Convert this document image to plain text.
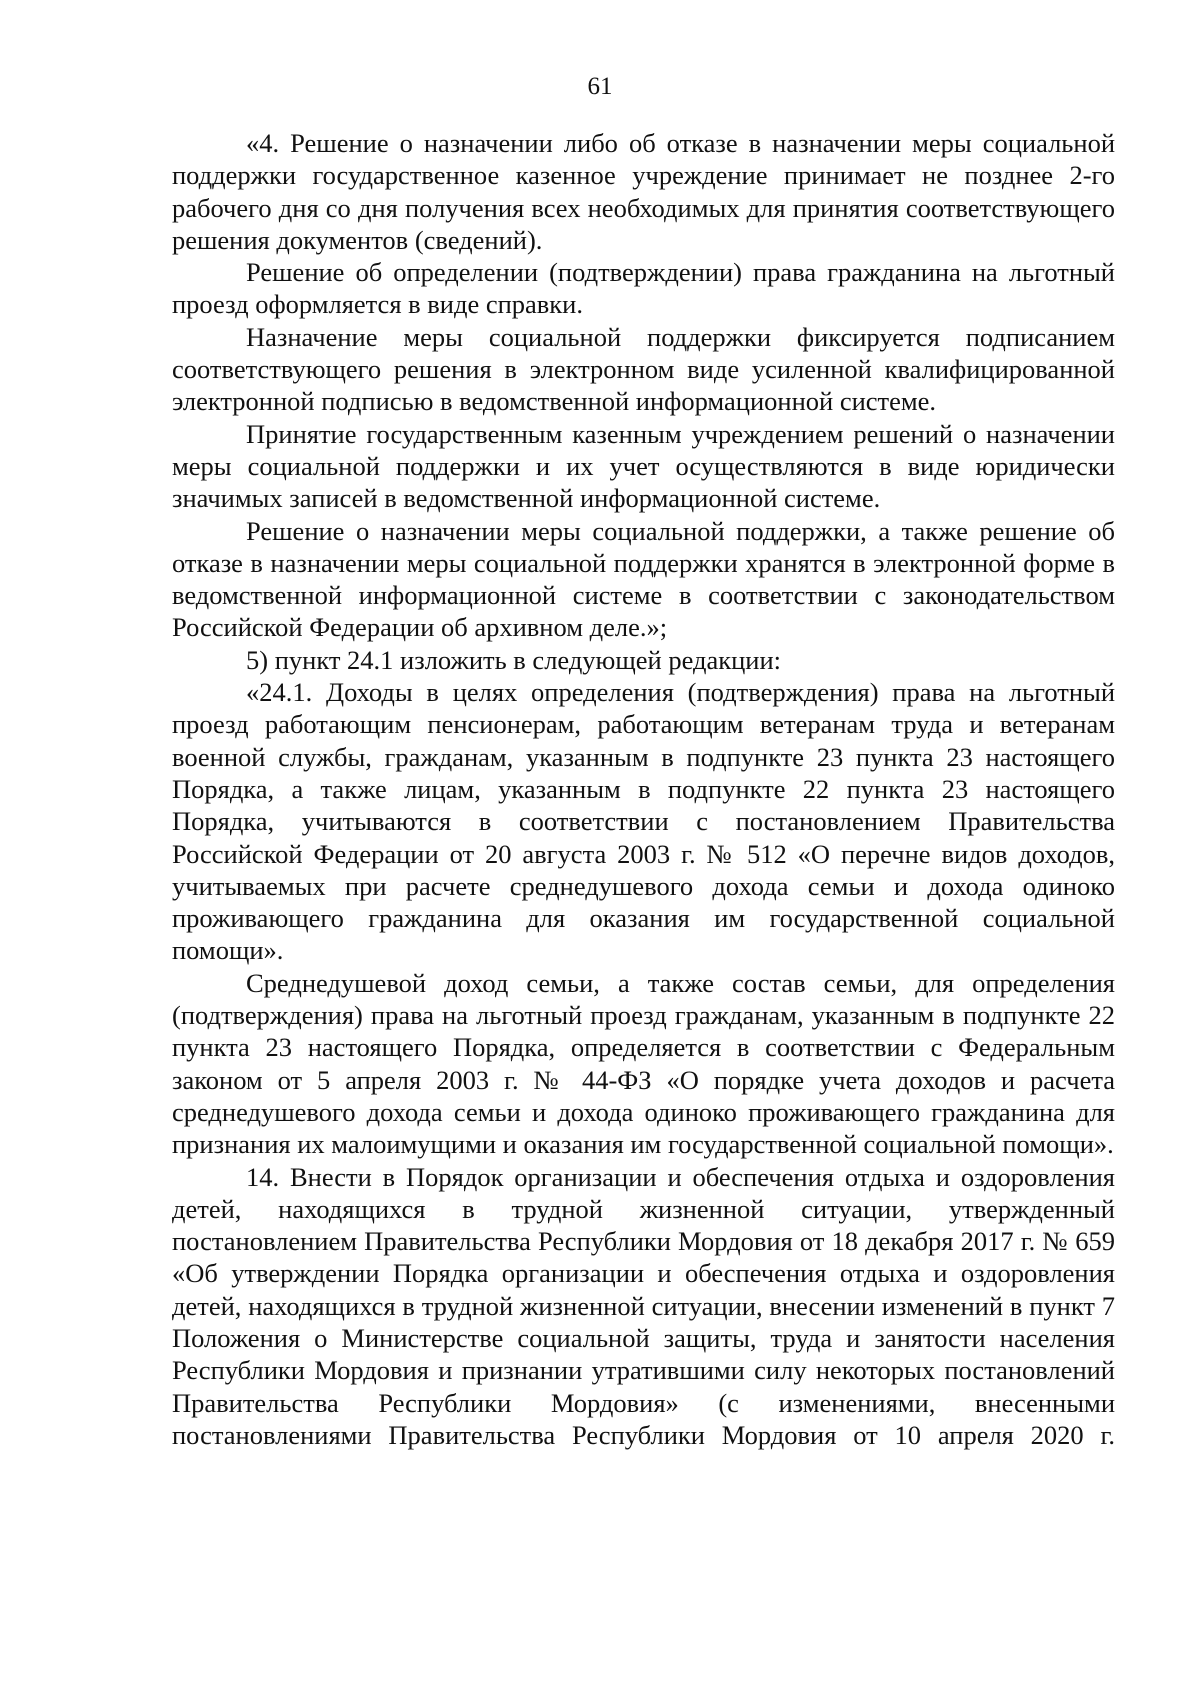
61

«4. Решение о назначении либо об отказе в назначении меры социальной поддержки государственное казенное учреждение принимает не позднее 2-го рабочего дня со дня получения всех необходимых для принятия соответствующего решения документов (сведений).

Решение об определении (подтверждении) права гражданина на льготный проезд оформляется в виде справки.

Назначение меры социальной поддержки фиксируется подписанием соответствующего решения в электронном виде усиленной квалифицированной электронной подписью в ведомственной информационной системе.

Принятие государственным казенным учреждением решений о назначении меры социальной поддержки и их учет осуществляются в виде юридически значимых записей в ведомственной информационной системе.

Решение о назначении меры социальной поддержки, а также решение об отказе в назначении меры социальной поддержки хранятся в электронной форме в ведомственной информационной системе в соответствии с законодательством Российской Федерации об архивном деле.»;

5) пункт 24.1 изложить в следующей редакции:

«24.1. Доходы в целях определения (подтверждения) права на льготный проезд работающим пенсионерам, работающим ветеранам труда и ветеранам военной службы, гражданам, указанным в подпункте 23 пункта 23 настоящего Порядка, а также лицам, указанным в подпункте 22 пункта 23 настоящего Порядка, учитываются в соответствии с постановлением Правительства Российской Федерации от 20 августа 2003 г. № 512 «О перечне видов доходов, учитываемых при расчете среднедушевого дохода семьи и дохода одиноко проживающего гражданина для оказания им государственной социальной помощи».

Среднедушевой доход семьи, а также состав семьи, для определения (подтверждения) права на льготный проезд гражданам, указанным в подпункте 22 пункта 23 настоящего Порядка, определяется в соответствии с Федеральным законом от 5 апреля 2003 г. № 44-ФЗ «О порядке учета доходов и расчета среднедушевого дохода семьи и дохода одиноко проживающего гражданина для признания их малоимущими и оказания им государственной социальной помощи».

14. Внести в Порядок организации и обеспечения отдыха и оздоровления детей, находящихся в трудной жизненной ситуации, утвержденный постановлением Правительства Республики Мордовия от 18 декабря 2017 г. № 659 «Об утверждении Порядка организации и обеспечения отдыха и оздоровления детей, находящихся в трудной жизненной ситуации, внесении изменений в пункт 7 Положения о Министерстве социальной защиты, труда и занятости населения Республики Мордовия и признании утратившими силу некоторых постановлений Правительства Республики Мордовия» (с изменениями, внесенными постановлениями Правительства Республики Мордовия от 10 апреля 2020 г.
